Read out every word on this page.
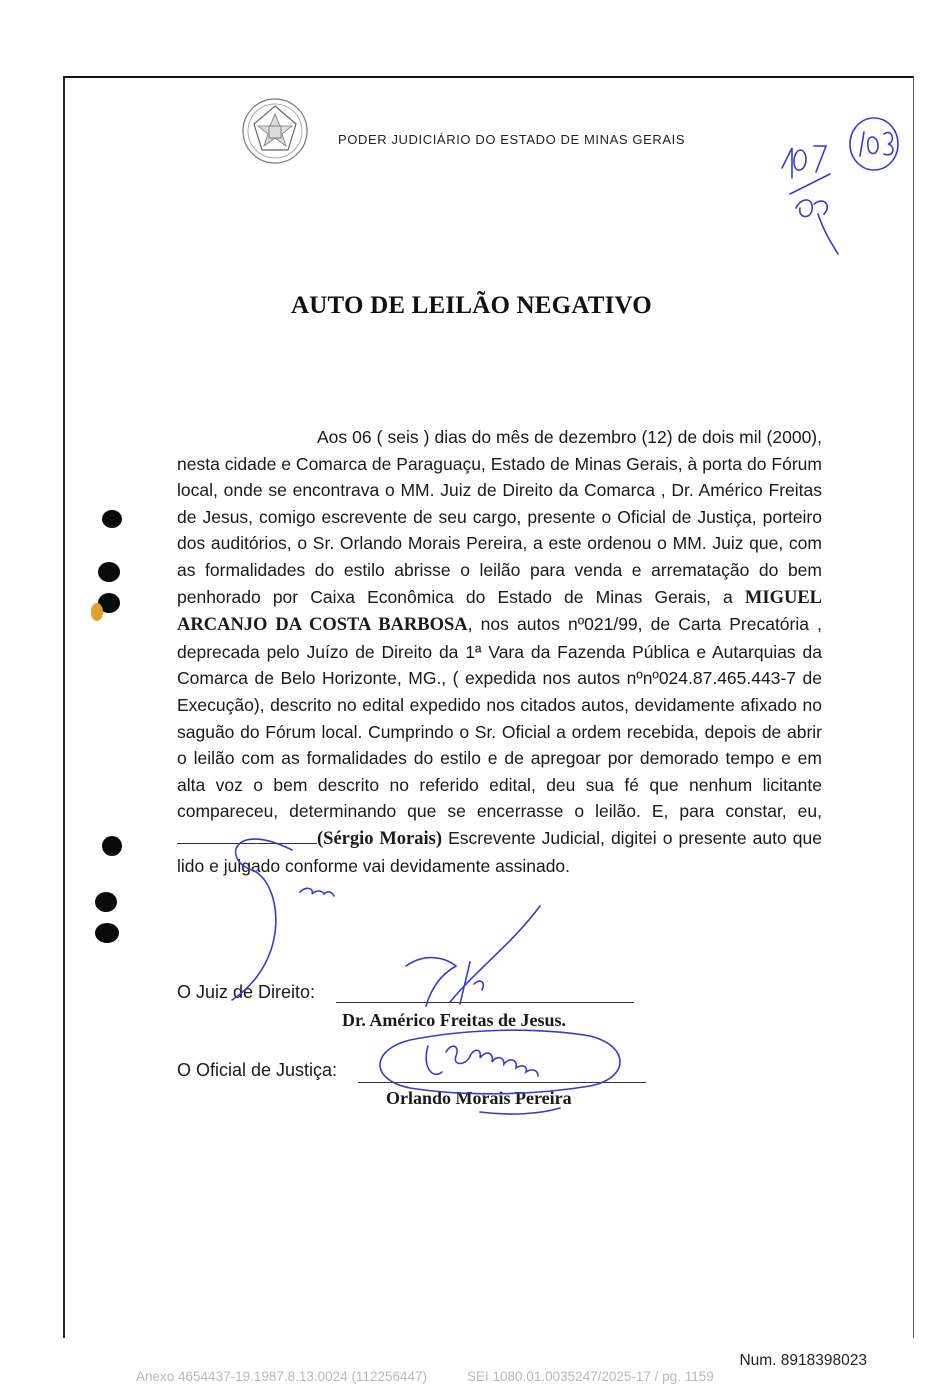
PODER JUDICIÁRIO DO ESTADO DE MINAS GERAIS
AUTO DE LEILÃO NEGATIVO

Aos 06 ( seis ) dias do mês de dezembro (12) de dois mil (2000), nesta cidade e Comarca de Paraguaçu, Estado de Minas Gerais, à porta do Fórum local, onde se encontrava o MM. Juiz de Direito da Comarca , Dr. Américo Freitas de Jesus, comigo escrevente de seu cargo, presente o Oficial de Justiça, porteiro dos auditórios, o Sr. Orlando Morais Pereira, a este ordenou o MM. Juiz que, com as formalidades do estilo abrisse o leilão para venda e arrematação do bem penhorado por Caixa Econômica do Estado de Minas Gerais, a MIGUEL ARCANJO DA COSTA BARBOSA, nos autos nº021/99, de Carta Precatória , deprecada pelo Juízo de Direito da 1ª Vara da Fazenda Pública e Autarquias da Comarca de Belo Horizonte, MG., ( expedida nos autos nºnº024.87.465.443-7 de Execução), descrito no edital expedido nos citados autos, devidamente afixado no saguão do Fórum local. Cumprindo o Sr. Oficial a ordem recebida, depois de abrir o leilão com as formalidades do estilo e de apregoar por demorado tempo e em alta voz o bem descrito no referido edital, deu sua fé que nenhum licitante compareceu, determinando que se encerrasse o leilão. E, para constar, eu, (Sérgio Morais) Escrevente Judicial, digitei o presente auto que lido e julgado conforme vai devidamente assinado.

O Juiz de Direito:
Dr. Américo Freitas de Jesus.
O Oficial de Justiça:
Orlando Morais Pereira
Num. 8918398023
Anexo 4654437-19.1987.8.13.0024 (112256447)	SEI 1080.01.0035247/2025-17 / pg. 1159
